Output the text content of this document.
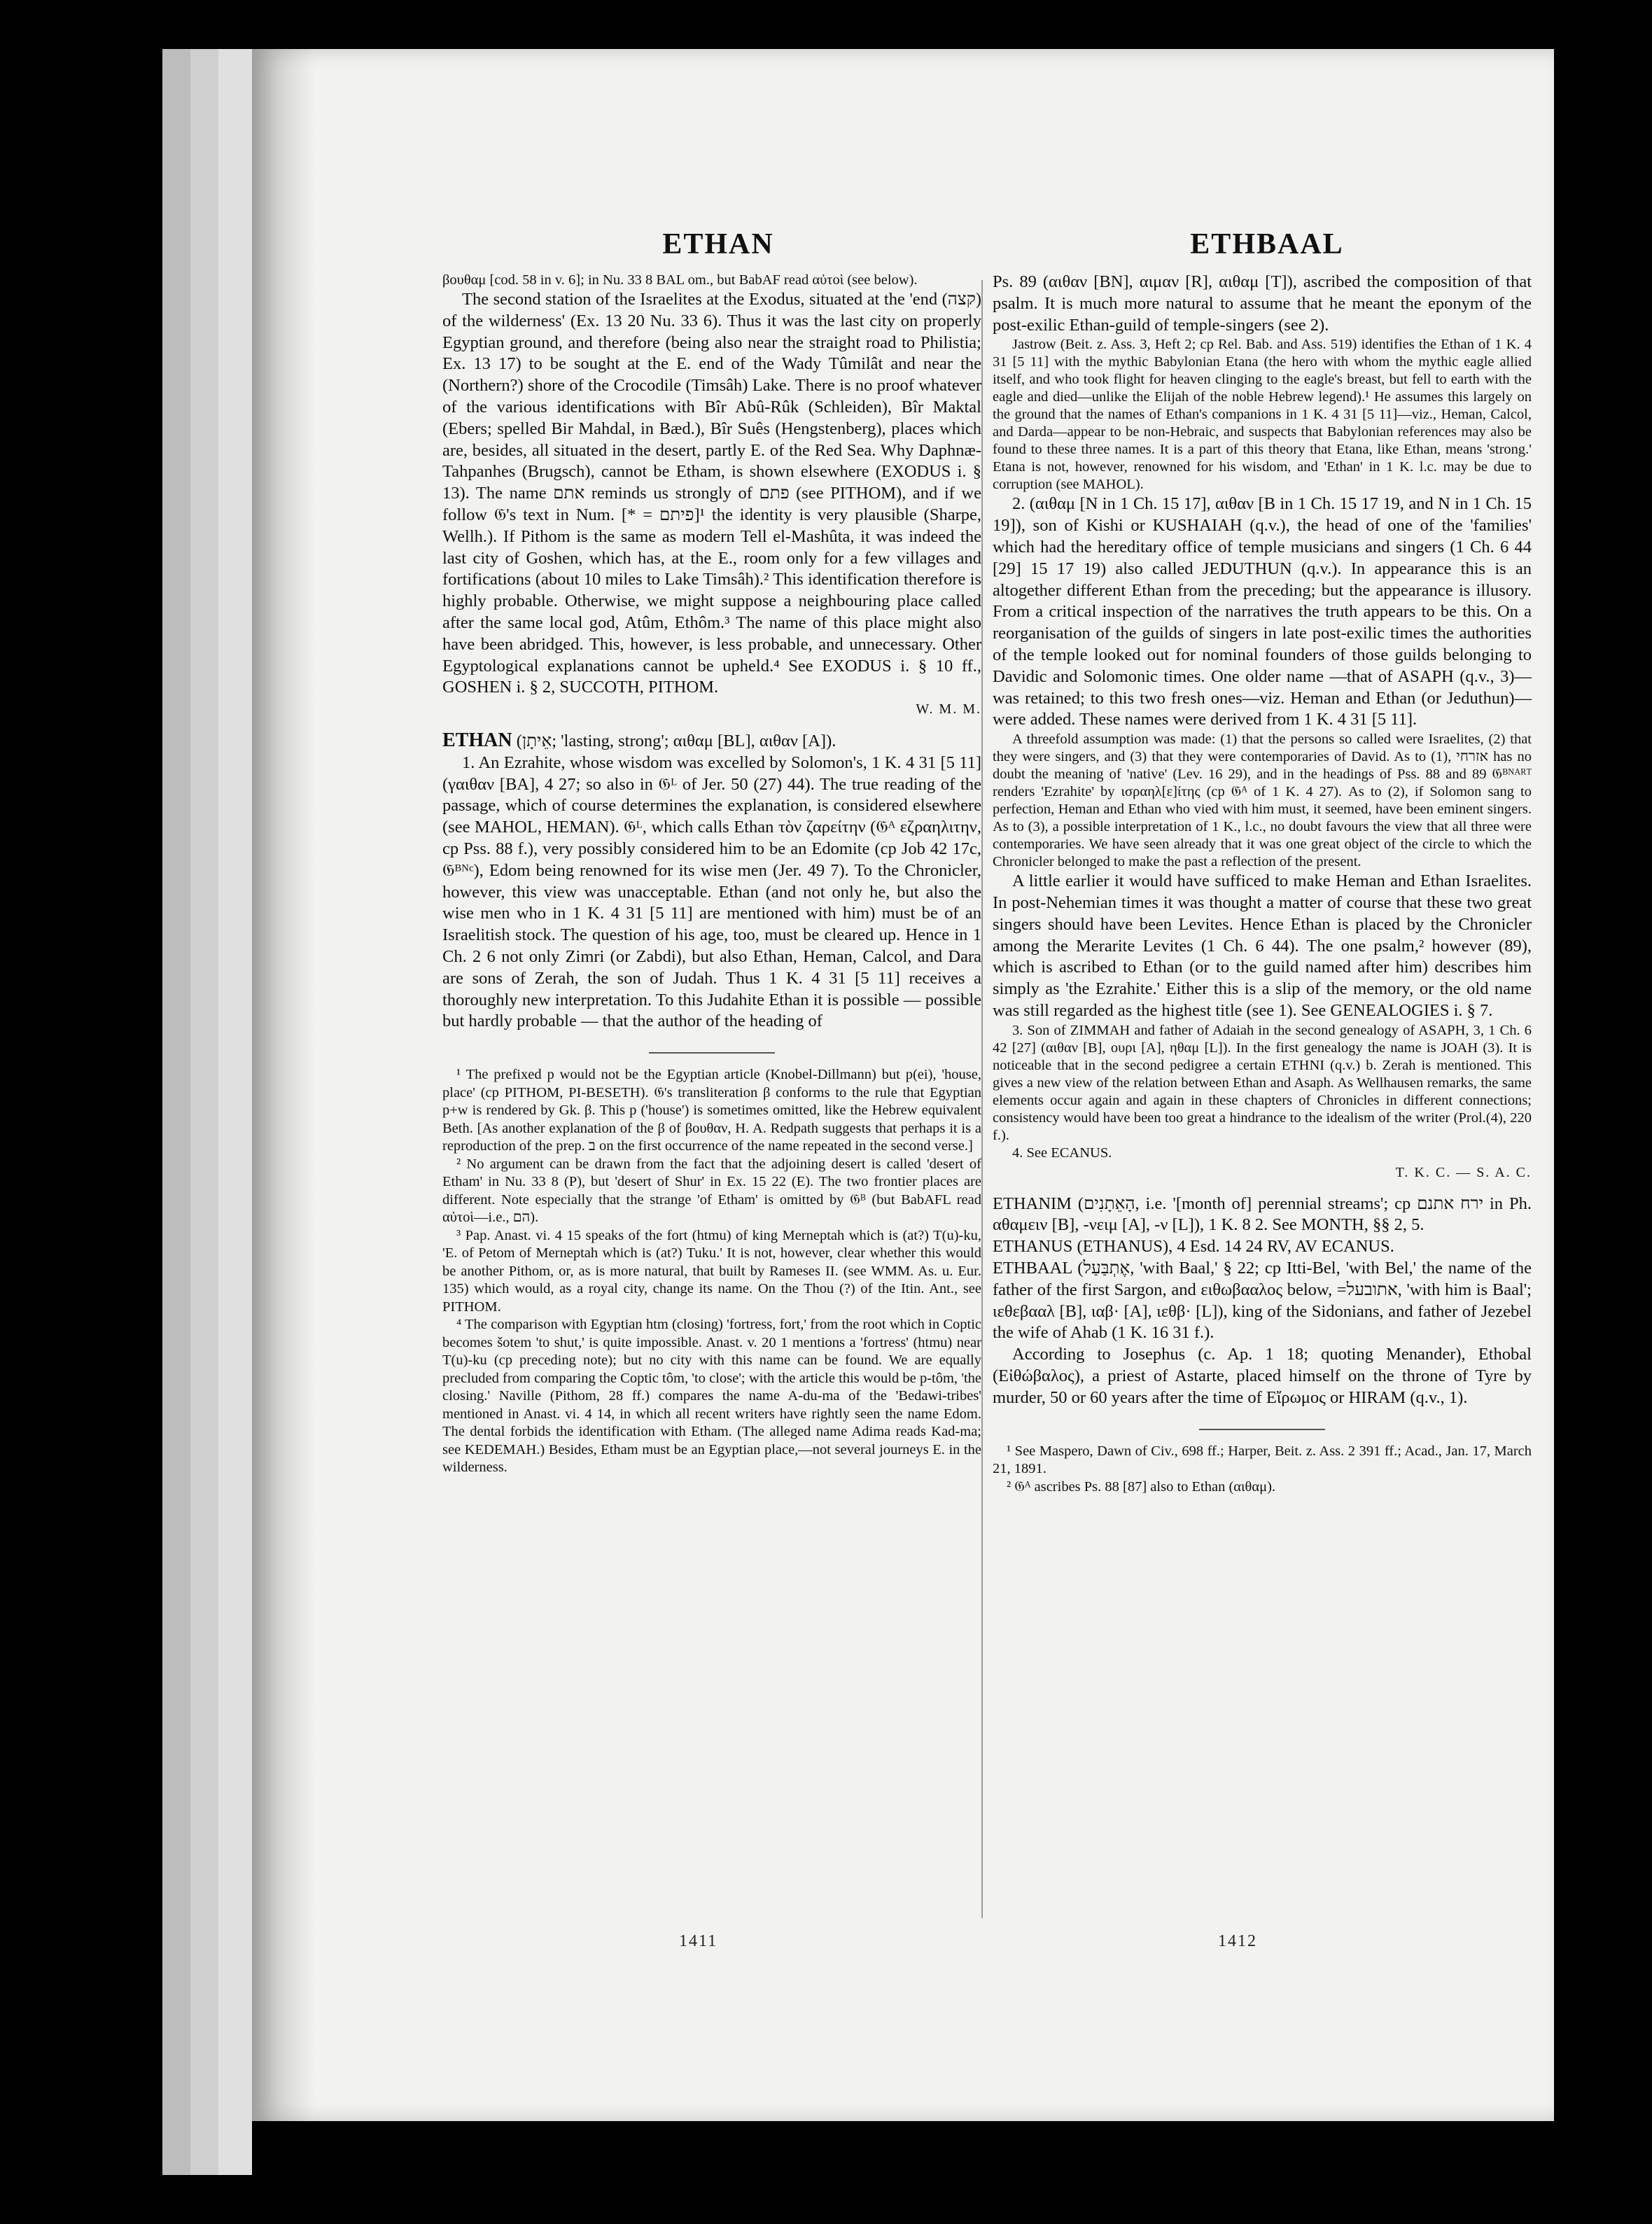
ETHAN	ETHBAAL

βουθαμ [cod. 58 in v. 6]; in Nu. 33 8 BAL om., but BabAF read αὐτοὶ (see below).

The second station of the Israelites at the Exodus, situated at the 'end (קצה) of the wilderness' (Ex. 13 20 Nu. 33 6). Thus it was the last city on properly Egyptian ground, and therefore (being also near the straight road to Philistia; Ex. 13 17) to be sought at the E. end of the Wady Tûmilât and near the (Northern?) shore of the Crocodile (Timsâh) Lake. There is no proof whatever of the various identifications with Bîr Abû-Rûk (Schleiden), Bîr Maktal (Ebers; spelled Bir Mahdal, in Bæd.), Bîr Suês (Hengstenberg), places which are, besides, all situated in the desert, partly E. of the Red Sea. Why Daphnæ-Tahpanhes (Brugsch), cannot be Etham, is shown elsewhere (EXODUS i. § 13). The name אתם reminds us strongly of פתם (see PITHOM), and if we follow 𝔊's text in Num. [* = פיתם]¹ the identity is very plausible (Sharpe, Wellh.). If Pithom is the same as modern Tell el-Mashûta, it was indeed the last city of Goshen, which has, at the E., room only for a few villages and fortifications (about 10 miles to Lake Timsâh).² This identification therefore is highly probable. Otherwise, we might suppose a neighbouring place called after the same local god, Atûm, Ethôm.³ The name of this place might also have been abridged. This, however, is less probable, and unnecessary. Other Egyptological explanations cannot be upheld.⁴ See EXODUS i. § 10 ff., GOSHEN i. § 2, SUCCOTH, PITHOM.

W. M. M.

ETHAN (אֵיתָן; 'lasting, strong'; αιθαμ [BL], αιθαν [A]).

1. An Ezrahite, whose wisdom was excelled by Solomon's, 1 K. 4 31 [5 11] (γαιθαν [BA], 4 27; so also in 𝔊ᴸ of Jer. 50 (27) 44). The true reading of the passage, which of course determines the explanation, is considered elsewhere (see MAHOL, HEMAN). 𝔊ᴸ, which calls Ethan τὸν ζαρείτην (𝔊ᴬ εζραηλιτην, cp Pss. 88 f.), very possibly considered him to be an Edomite (cp Job 42 17c, 𝔊ᴮᴺᶜ), Edom being renowned for its wise men (Jer. 49 7). To the Chronicler, however, this view was unacceptable. Ethan (and not only he, but also the wise men who in 1 K. 4 31 [5 11] are mentioned with him) must be of an Israelitish stock. The question of his age, too, must be cleared up. Hence in 1 Ch. 2 6 not only Zimri (or Zabdi), but also Ethan, Heman, Calcol, and Dara are sons of Zerah, the son of Judah. Thus 1 K. 4 31 [5 11] receives a thoroughly new interpretation. To this Judahite Ethan it is possible — possible but hardly probable — that the author of the heading of

¹ The prefixed p would not be the Egyptian article (Knobel-Dillmann) but p(ei), 'house, place' (cp PITHOM, PI-BESETH). 𝔊's transliteration β conforms to the rule that Egyptian p+w is rendered by Gk. β. This p ('house') is sometimes omitted, like the Hebrew equivalent Beth. [As another explanation of the β of βουθαν, H. A. Redpath suggests that perhaps it is a reproduction of the prep. ב on the first occurrence of the name repeated in the second verse.]

² No argument can be drawn from the fact that the adjoining desert is called 'desert of Etham' in Nu. 33 8 (P), but 'desert of Shur' in Ex. 15 22 (E). The two frontier places are different. Note especially that the strange 'of Etham' is omitted by 𝔊ᴮ (but BabAFL read αὐτοὶ—i.e., הם).

³ Pap. Anast. vi. 4 15 speaks of the fort (htmu) of king Merneptah which is (at?) T(u)-ku, 'E. of Petom of Merneptah which is (at?) Tuku.' It is not, however, clear whether this would be another Pithom, or, as is more natural, that built by Rameses II. (see WMM. As. u. Eur. 135) which would, as a royal city, change its name. On the Thou (?) of the Itin. Ant., see PITHOM.

⁴ The comparison with Egyptian htm (closing) 'fortress, fort,' from the root which in Coptic becomes šotem 'to shut,' is quite impossible. Anast. v. 20 1 mentions a 'fortress' (htmu) near T(u)-ku (cp preceding note); but no city with this name can be found. We are equally precluded from comparing the Coptic tôm, 'to close'; with the article this would be p-tôm, 'the closing.' Naville (Pithom, 28 ff.) compares the name A-du-ma of the 'Bedawi-tribes' mentioned in Anast. vi. 4 14, in which all recent writers have rightly seen the name Edom. The dental forbids the identification with Etham. (The alleged name Adima reads Kad-ma; see KEDEMAH.) Besides, Etham must be an Egyptian place,—not several journeys E. in the wilderness.

Ps. 89 (αιθαν [BN], αιμαν [R], αιθαμ [T]), ascribed the composition of that psalm. It is much more natural to assume that he meant the eponym of the post-exilic Ethan-guild of temple-singers (see 2).

Jastrow (Beit. z. Ass. 3, Heft 2; cp Rel. Bab. and Ass. 519) identifies the Ethan of 1 K. 4 31 [5 11] with the mythic Babylonian Etana (the hero with whom the mythic eagle allied itself, and who took flight for heaven clinging to the eagle's breast, but fell to earth with the eagle and died—unlike the Elijah of the noble Hebrew legend).¹ He assumes this largely on the ground that the names of Ethan's companions in 1 K. 4 31 [5 11]—viz., Heman, Calcol, and Darda—appear to be non-Hebraic, and suspects that Babylonian references may also be found to these three names. It is a part of this theory that Etana, like Ethan, means 'strong.' Etana is not, however, renowned for his wisdom, and 'Ethan' in 1 K. l.c. may be due to corruption (see MAHOL).

2. (αιθαμ [N in 1 Ch. 15 17], αιθαν [B in 1 Ch. 15 17 19, and N in 1 Ch. 15 19]), son of Kishi or KUSHAIAH (q.v.), the head of one of the 'families' which had the hereditary office of temple musicians and singers (1 Ch. 6 44 [29] 15 17 19) also called JEDUTHUN (q.v.). In appearance this is an altogether different Ethan from the preceding; but the appearance is illusory. From a critical inspection of the narratives the truth appears to be this. On a reorganisation of the guilds of singers in late post-exilic times the authorities of the temple looked out for nominal founders of those guilds belonging to Davidic and Solomonic times. One older name —that of ASAPH (q.v., 3)—was retained; to this two fresh ones—viz. Heman and Ethan (or Jeduthun)—were added. These names were derived from 1 K. 4 31 [5 11].

A threefold assumption was made: (1) that the persons so called were Israelites, (2) that they were singers, and (3) that they were contemporaries of David. As to (1), אזרחי has no doubt the meaning of 'native' (Lev. 16 29), and in the headings of Pss. 88 and 89 𝔊ᴮᴺᴬᴿᵀ renders 'Ezrahite' by ισραηλ[ε]ίτης (cp 𝔊ᴬ of 1 K. 4 27). As to (2), if Solomon sang to perfection, Heman and Ethan who vied with him must, it seemed, have been eminent singers. As to (3), a possible interpretation of 1 K., l.c., no doubt favours the view that all three were contemporaries. We have seen already that it was one great object of the circle to which the Chronicler belonged to make the past a reflection of the present.

A little earlier it would have sufficed to make Heman and Ethan Israelites. In post-Nehemian times it was thought a matter of course that these two great singers should have been Levites. Hence Ethan is placed by the Chronicler among the Merarite Levites (1 Ch. 6 44). The one psalm,² however (89), which is ascribed to Ethan (or to the guild named after him) describes him simply as 'the Ezrahite.' Either this is a slip of the memory, or the old name was still regarded as the highest title (see 1). See GENEALOGIES i. § 7.

3. Son of ZIMMAH and father of Adaiah in the second genealogy of ASAPH, 3, 1 Ch. 6 42 [27] (αιθαν [B], ουρι [A], ηθαμ [L]). In the first genealogy the name is JOAH (3). It is noticeable that in the second pedigree a certain ETHNI (q.v.) b. Zerah is mentioned. This gives a new view of the relation between Ethan and Asaph. As Wellhausen remarks, the same elements occur again and again in these chapters of Chronicles in different connections; consistency would have been too great a hindrance to the idealism of the writer (Prol.(4), 220 f.).

4. See ECANUS.

T. K. C. — S. A. C.

ETHANIM (הָאֵתָנִים, i.e. '[month of] perennial streams'; cp ירח אתנם in Ph. αθαμειν [B], -νειμ [A], -ν [L]), 1 K. 8 2. See MONTH, §§ 2, 5.

ETHANUS (ETHANUS), 4 Esd. 14 24 RV, AV ECANUS.

ETHBAAL (אֶתְבַּעַל, 'with Baal,' § 22; cp Itti-Bel, 'with Bel,' the name of the father of the first Sargon, and ειθωβααλος below, =אתובעל, 'with him is Baal'; ιεθεβααλ [B], ιαβ· [A], ιεθβ· [L]), king of the Sidonians, and father of Jezebel the wife of Ahab (1 K. 16 31 f.).

According to Josephus (c. Ap. 1 18; quoting Menander), Ethobal (Εἰθώβαλος), a priest of Astarte, placed himself on the throne of Tyre by murder, 50 or 60 years after the time of Εἴρωμος or HIRAM (q.v., 1).

¹ See Maspero, Dawn of Civ., 698 ff.; Harper, Beit. z. Ass. 2 391 ff.; Acad., Jan. 17, March 21, 1891.

² 𝔊ᴬ ascribes Ps. 88 [87] also to Ethan (αιθαμ).

1411	1412
